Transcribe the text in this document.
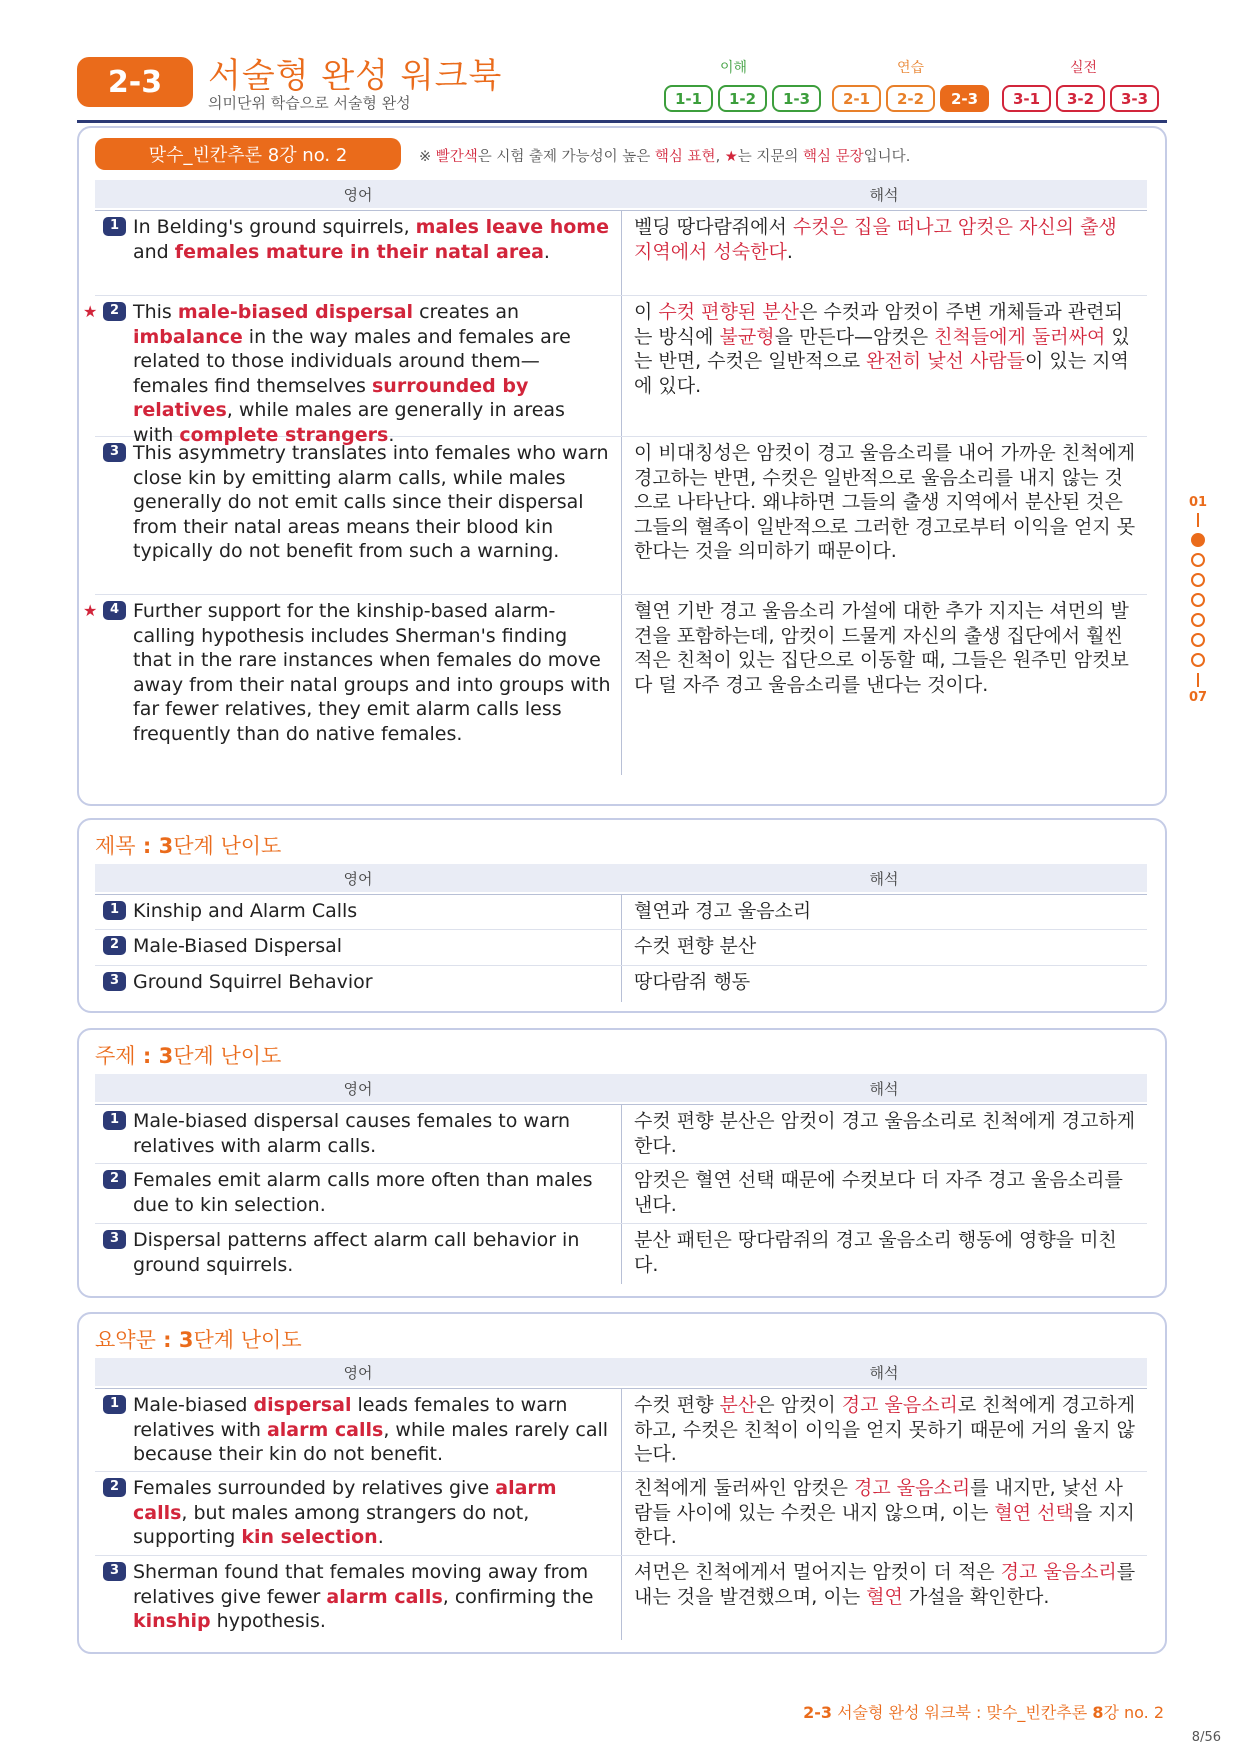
2-3	서술형 완성 워크북
의미단위 학습으로 서술형 완성
이해	연습	실전
1-1	1-2	1-3	2-1	2-2	2-3	3-1	3-2	3-3
맞수_빈칸추론 8강 no. 2	※ 빨간색은 시험 출제 가능성이 높은 핵심 표현, ★는 지문의 핵심 문장입니다.
영어	해석
1 In Belding's ground squirrels, males leave home and females mature in their natal area.
벨딩 땅다람쥐에서 수컷은 집을 떠나고 암컷은 자신의 출생 지역에서 성숙한다.
★ 2 This male-biased dispersal creates an imbalance in the way males and females are related to those individuals around them—females find themselves surrounded by relatives, while males are generally in areas with complete strangers.
이 수컷 편향된 분산은 수컷과 암컷이 주변 개체들과 관련되는 방식에 불균형을 만든다—암컷은 친척들에게 둘러싸여 있는 반면, 수컷은 일반적으로 완전히 낯선 사람들이 있는 지역에 있다.
3 This asymmetry translates into females who warn close kin by emitting alarm calls, while males generally do not emit calls since their dispersal from their natal areas means their blood kin typically do not benefit from such a warning.
이 비대칭성은 암컷이 경고 울음소리를 내어 가까운 친척에게 경고하는 반면, 수컷은 일반적으로 울음소리를 내지 않는 것으로 나타난다. 왜냐하면 그들의 출생 지역에서 분산된 것은 그들의 혈족이 일반적으로 그러한 경고로부터 이익을 얻지 못한다는 것을 의미하기 때문이다.
★ 4 Further support for the kinship-based alarm-calling hypothesis includes Sherman's finding that in the rare instances when females do move away from their natal groups and into groups with far fewer relatives, they emit alarm calls less frequently than do native females.
혈연 기반 경고 울음소리 가설에 대한 추가 지지는 셔먼의 발견을 포함하는데, 암컷이 드물게 자신의 출생 집단에서 훨씬 적은 친척이 있는 집단으로 이동할 때, 그들은 원주민 암컷보다 덜 자주 경고 울음소리를 낸다는 것이다.
제목 : 3단계 난이도
영어	해석
1 Kinship and Alarm Calls	혈연과 경고 울음소리
2 Male-Biased Dispersal	수컷 편향 분산
3 Ground Squirrel Behavior	땅다람쥐 행동
주제 : 3단계 난이도
영어	해석
1 Male-biased dispersal causes females to warn relatives with alarm calls.
수컷 편향 분산은 암컷이 경고 울음소리로 친척에게 경고하게 한다.
2 Females emit alarm calls more often than males due to kin selection.
암컷은 혈연 선택 때문에 수컷보다 더 자주 경고 울음소리를 낸다.
3 Dispersal patterns affect alarm call behavior in ground squirrels.
분산 패턴은 땅다람쥐의 경고 울음소리 행동에 영향을 미친다.
요약문 : 3단계 난이도
영어	해석
1 Male-biased dispersal leads females to warn relatives with alarm calls, while males rarely call because their kin do not benefit.
수컷 편향 분산은 암컷이 경고 울음소리로 친척에게 경고하게 하고, 수컷은 친척이 이익을 얻지 못하기 때문에 거의 울지 않는다.
2 Females surrounded by relatives give alarm calls, but males among strangers do not, supporting kin selection.
친척에게 둘러싸인 암컷은 경고 울음소리를 내지만, 낯선 사람들 사이에 있는 수컷은 내지 않으며, 이는 혈연 선택을 지지한다.
3 Sherman found that females moving away from relatives give fewer alarm calls, confirming the kinship hypothesis.
셔먼은 친척에게서 멀어지는 암컷이 더 적은 경고 울음소리를 내는 것을 발견했으며, 이는 혈연 가설을 확인한다.
01
07
2-3 서술형 완성 워크북 : 맞수_빈칸추론 8강 no. 2
8/56
